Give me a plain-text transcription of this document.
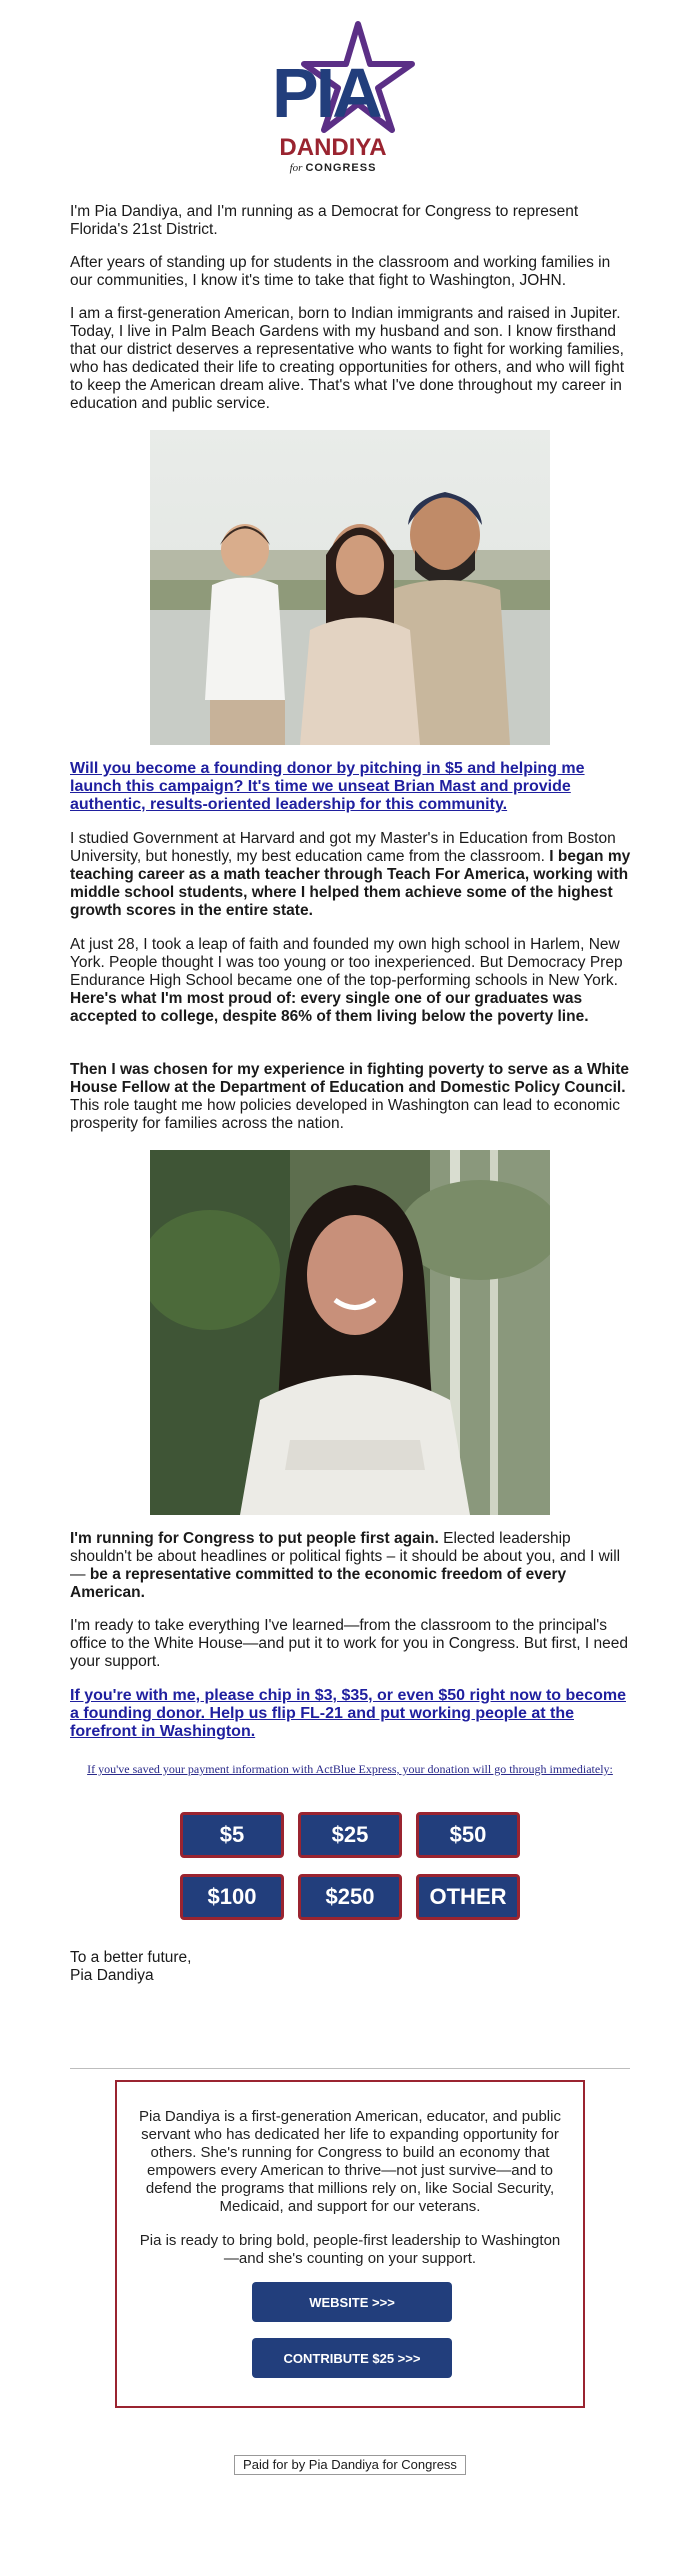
PIA
DANDIYA
for CONGRESS

I'm Pia Dandiya, and I'm running as a Democrat for Congress to represent Florida's 21st District.

After years of standing up for students in the classroom and working families in our communities, I know it's time to take that fight to Washington, JOHN.

I am a first-generation American, born to Indian immigrants and raised in Jupiter. Today, I live in Palm Beach Gardens with my husband and son. I know firsthand that our district deserves a representative who wants to fight for working families, who has dedicated their life to creating opportunities for others, and who will fight to keep the American dream alive. That's what I've done throughout my career in education and public service.

Will you become a founding donor by pitching in $5 and helping me launch this campaign? It's time we unseat Brian Mast and provide authentic, results-oriented leadership for this community.

I studied Government at Harvard and got my Master's in Education from Boston University, but honestly, my best education came from the classroom. I began my teaching career as a math teacher through Teach For America, working with middle school students, where I helped them achieve some of the highest growth scores in the entire state.

At just 28, I took a leap of faith and founded my own high school in Harlem, New York. People thought I was too young or too inexperienced. But Democracy Prep Endurance High School became one of the top-performing schools in New York. Here's what I'm most proud of: every single one of our graduates was accepted to college, despite 86% of them living below the poverty line.

Then I was chosen for my experience in fighting poverty to serve as a White House Fellow at the Department of Education and Domestic Policy Council. This role taught me how policies developed in Washington can lead to economic prosperity for families across the nation.

I'm running for Congress to put people first again. Elected leadership shouldn't be about headlines or political fights – it should be about you, and I will — be a representative committed to the economic freedom of every American.

I'm ready to take everything I've learned—from the classroom to the principal's office to the White House—and put it to work for you in Congress. But first, I need your support.

If you're with me, please chip in $3, $35, or even $50 right now to become a founding donor. Help us flip FL-21 and put working people at the forefront in Washington.

If you've saved your payment information with ActBlue Express, your donation will go through immediately:
$5	$25	$50
$100	$250	OTHER

To a better future,

Pia Dandiya

Pia Dandiya is a first-generation American, educator, and public servant who has dedicated her life to expanding opportunity for others. She's running for Congress to build an economy that empowers every American to thrive—not just survive—and to defend the programs that millions rely on, like Social Security, Medicaid, and support for our veterans.

Pia is ready to bring bold, people-first leadership to Washington—and she's counting on your support.

WEBSITE >>>
CONTRIBUTE $25 >>>
Paid for by Pia Dandiya for Congress
